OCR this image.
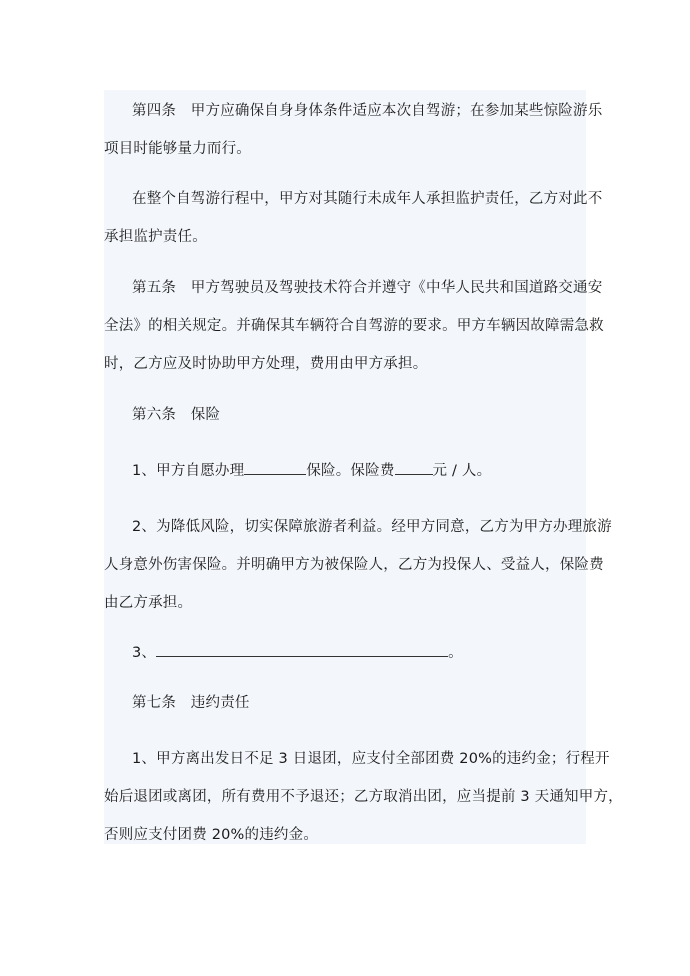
第四条　甲方应确保自身身体条件适应本次自驾游；在参加某些惊险游乐
项目时能够量力而行。
在整个自驾游行程中，甲方对其随行未成年人承担监护责任，乙方对此不
承担监护责任。
第五条　甲方驾驶员及驾驶技术符合并遵守《中华人民共和国道路交通安
全法》的相关规定。并确保其车辆符合自驾游的要求。甲方车辆因故障需急救
时，乙方应及时协助甲方处理，费用由甲方承担。
第六条　保险
1、甲方自愿办理	保险。保险费	元 / 人。
2、为降低风险，切实保障旅游者利益。经甲方同意，乙方为甲方办理旅游
人身意外伤害保险。并明确甲方为被保险人，乙方为投保人、受益人，保险费
由乙方承担。
3、	。
第七条　违约责任
1、甲方离出发日不足 3 日退团，应支付全部团费 20%的违约金；行程开
始后退团或离团，所有费用不予退还；乙方取消出团，应当提前 3 天通知甲方，
否则应支付团费 20%的违约金。
